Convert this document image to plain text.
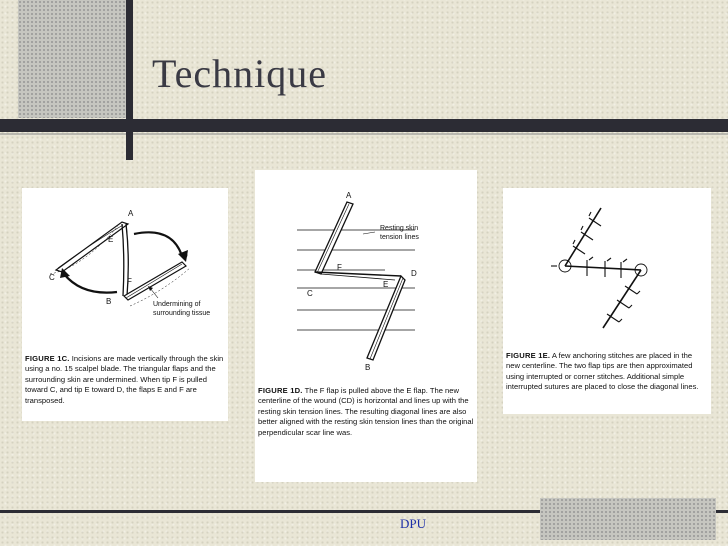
Technique
A
E
D
C	F
B	Undermining of
surrounding tissue

FIGURE 1C. Incisions are made vertically through the skin using a no. 15 scalpel blade. The triangular flaps and the surrounding skin are undermined. When tip F is pulled toward C, and tip E toward D, the flaps E and F are transposed.

A
Resting skin
tension lines
F
D
E
C
B

FIGURE 1D. The F flap is pulled above the E flap. The new centerline of the wound (CD) is horizontal and lines up with the resting skin tension lines. The resulting diagonal lines are also better aligned with the resting skin tension lines than the original perpendicular scar line was.

FIGURE 1E. A few anchoring stitches are placed in the new centerline. The two flap tips are then approximated using interrupted or corner stitches. Additional simple interrupted sutures are placed to close the diagonal lines.

DPU
